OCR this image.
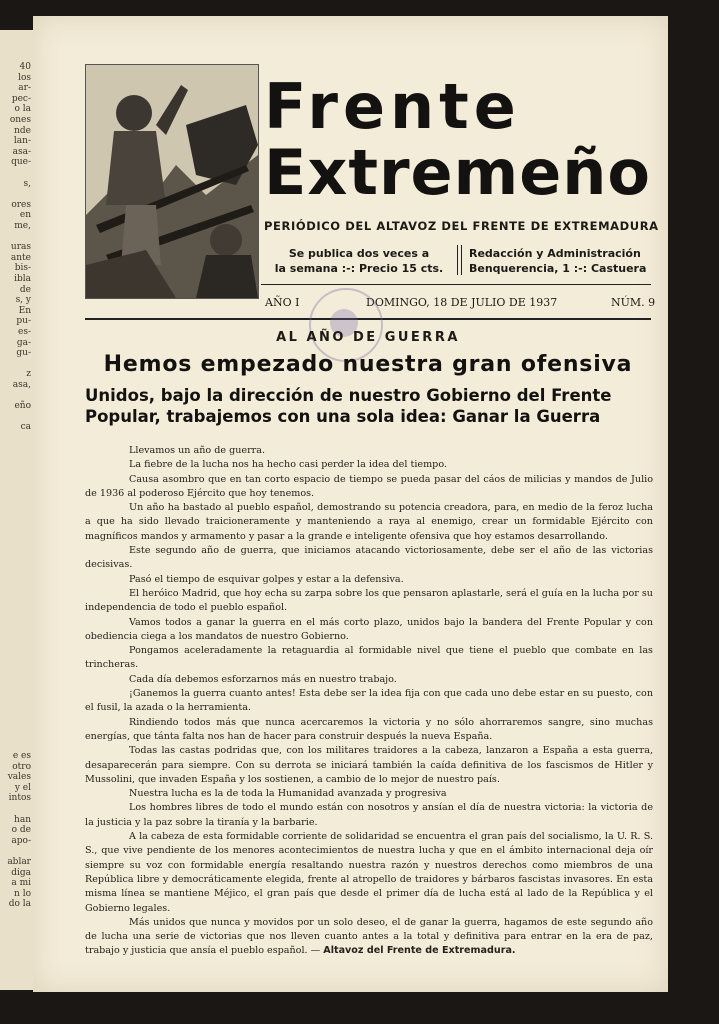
40
los
ar-
pec-
o la
ones
nde
lan-
asa-
que-
s,
ores
en
me,
uras
ante
bis-
ibla
de
s, y
En
pu-
es-
ga-
gu-
z
asa,
eño
ca
e es
otro
vales
y el
intos
han
o de
apo-
ablar
diga
a mi
n lo
do la
Frente
Extremeño
PERIÓDICO DEL ALTAVOZ DEL FRENTE DE EXTREMADURA
Se publica dos veces a
la semana :-: Precio 15 cts.
Redacción y Administración
Benquerencia, 1 :-: Castuera
AÑO I	DOMINGO, 18 DE JULIO DE 1937	NÚM. 9
AL AÑO DE GUERRA
Hemos empezado nuestra gran ofensiva
Unidos, bajo la dirección de nuestro Gobierno del Frente Popular, trabajemos con una sola idea: Ganar la Guerra

Llevamos un año de guerra.

La fiebre de la lucha nos ha hecho casi perder la idea del tiempo.

Causa asombro que en tan corto espacio de tiempo se pueda pasar del cáos de milicias y mandos de Julio de 1936 al poderoso Ejército que hoy tenemos.

Un año ha bastado al pueblo español, demostrando su potencia creadora, para, en medio de la feroz lucha a que ha sido llevado traicioneramente y manteniendo a raya al enemigo, crear un formidable Ejército con magníficos mandos y armamento y pasar a la grande e inteligente ofensiva que hoy estamos desarrollando.

Este segundo año de guerra, que iniciamos atacando victoriosamente, debe ser el año de las victorias decisivas.

Pasó el tiempo de esquivar golpes y estar a la defensiva.

El heróico Madrid, que hoy echa su zarpa sobre los que pensaron aplastarle, será el guía en la lucha por su independencia de todo el pueblo español.

Vamos todos a ganar la guerra en el más corto plazo, unidos bajo la bandera del Frente Popular y con obediencia ciega a los mandatos de nuestro Gobierno.

Pongamos aceleradamente la retaguardia al formidable nivel que tiene el pueblo que combate en las trincheras.

Cada día debemos esforzarnos más en nuestro trabajo.

¡Ganemos la guerra cuanto antes! Esta debe ser la idea fija con que cada uno debe estar en su puesto, con el fusil, la azada o la herramienta.

Rindiendo todos más que nunca acercaremos la victoria y no sólo ahorraremos sangre, sino muchas energías, que tánta falta nos han de hacer para construir después la nueva España.

Todas las castas podridas que, con los militares traidores a la cabeza, lanzaron a España a esta guerra, desaparecerán para siempre. Con su derrota se iniciará también la caída definitiva de los fascismos de Hitler y Mussolini, que invaden España y los sostienen, a cambio de lo mejor de nuestro país.

Nuestra lucha es la de toda la Humanidad avanzada y progresiva

Los hombres libres de todo el mundo están con nosotros y ansían el día de nuestra victoria: la victoria de la justicia y la paz sobre la tiranía y la barbarie.

A la cabeza de esta formidable corriente de solidaridad se encuentra el gran país del socialismo, la U. R. S. S., que vive pendiente de los menores acontecimientos de nuestra lucha y que en el ámbito internacional deja oír siempre su voz con formidable energía resaltando nuestra razón y nuestros derechos como miembros de una República libre y democráticamente elegida, frente al atropello de traidores y bárbaros fascistas invasores. En esta misma línea se mantiene Méjico, el gran país que desde el primer día de lucha está al lado de la República y el Gobierno legales.

Más unidos que nunca y movidos por un solo deseo, el de ganar la guerra, hagamos de este segundo año de lucha una serie de victorias que nos lleven cuanto antes a la total y definitiva para entrar en la era de paz, trabajo y justicia que ansía el pueblo español. — Altavoz del Frente de Extremadura.
